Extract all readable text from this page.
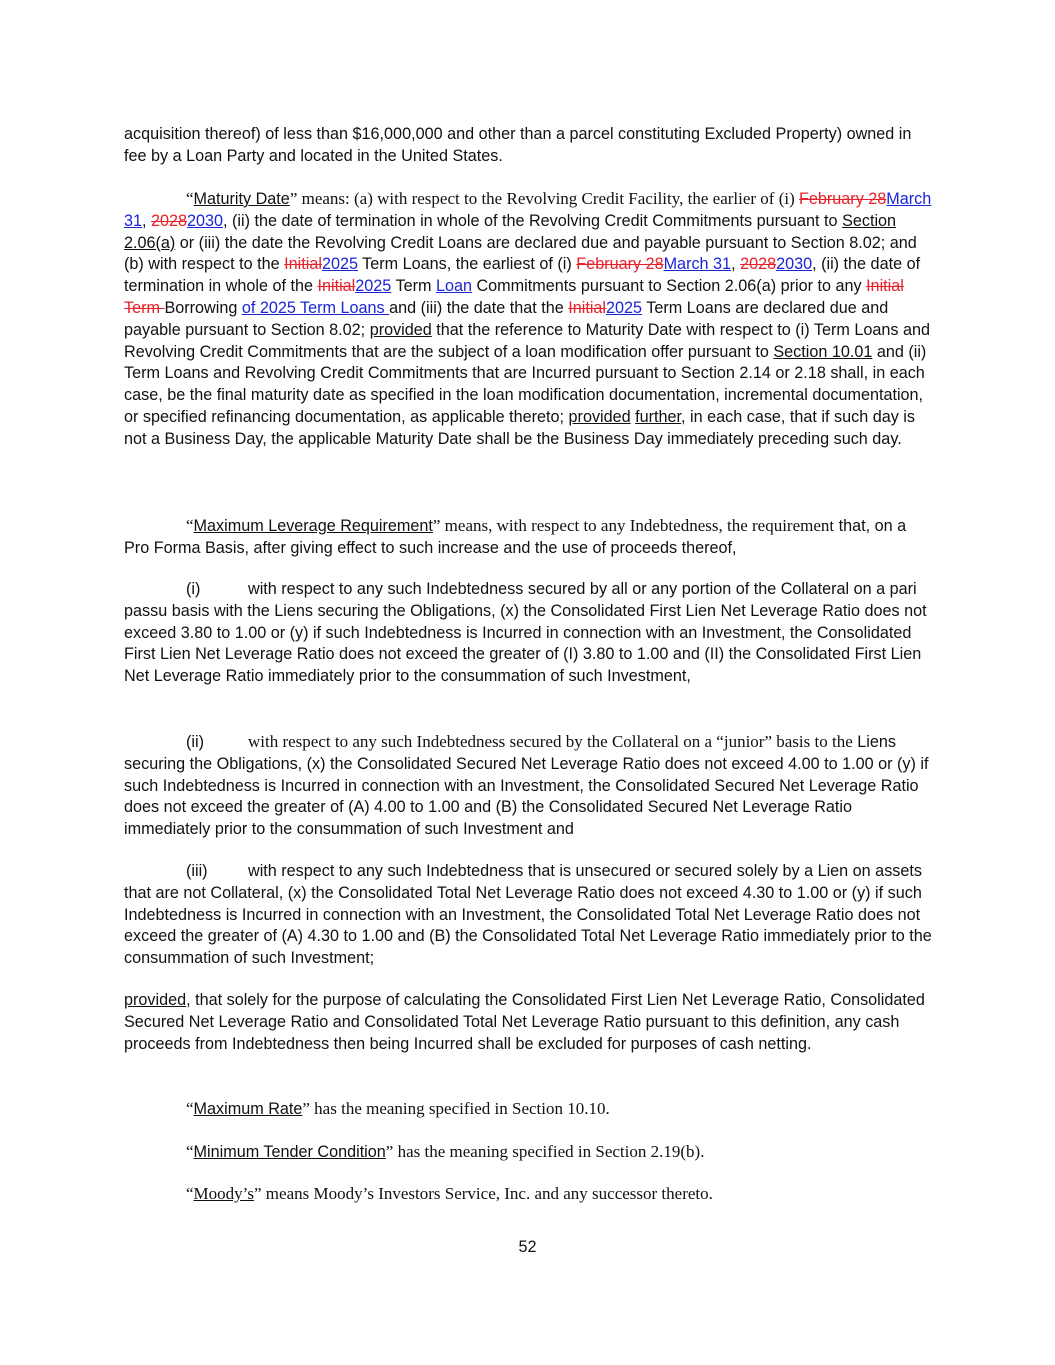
acquisition thereof) of less than $16,000,000 and other than a parcel constituting Excluded Property) owned in fee by a Loan Party and located in the United States.

“Maturity Date” means: (a) with respect to the Revolving Credit Facility, the earlier of (i) February 28March 31, 20282030, (ii) the date of termination in whole of the Revolving Credit Commitments pursuant to Section 2.06(a) or (iii) the date the Revolving Credit Loans are declared due and payable pursuant to Section 8.02; and (b) with respect to the Initial2025 Term Loans, the earliest of (i) February 28March 31, 20282030, (ii) the date of termination in whole of the Initial2025 Term Loan Commitments pursuant to Section 2.06(a) prior to any Initial Term Borrowing of 2025 Term Loans and (iii) the date that the Initial2025 Term Loans are declared due and payable pursuant to Section 8.02; provided that the reference to Maturity Date with respect to (i) Term Loans and Revolving Credit Commitments that are the subject of a loan modification offer pursuant to Section 10.01 and (ii) Term Loans and Revolving Credit Commitments that are Incurred pursuant to Section 2.14 or 2.18 shall, in each case, be the final maturity date as specified in the loan modification documentation, incremental documentation, or specified refinancing documentation, as applicable thereto; provided further, in each case, that if such day is not a Business Day, the applicable Maturity Date shall be the Business Day immediately preceding such day.

“Maximum Leverage Requirement” means, with respect to any Indebtedness, the requirement that, on a Pro Forma Basis, after giving effect to such increase and the use of proceeds thereof,

(i)	with respect to any such Indebtedness secured by all or any portion of the Collateral on a pari passu basis with the Liens securing the Obligations, (x) the Consolidated First Lien Net Leverage Ratio does not exceed 3.80 to 1.00 or (y) if such Indebtedness is Incurred in connection with an Investment, the Consolidated First Lien Net Leverage Ratio does not exceed the greater of (I) 3.80 to 1.00 and (II) the Consolidated First Lien Net Leverage Ratio immediately prior to the consummation of such Investment,

(ii)	with respect to any such Indebtedness secured by the Collateral on a “junior” basis to the Liens securing the Obligations, (x) the Consolidated Secured Net Leverage Ratio does not exceed 4.00 to 1.00 or (y) if such Indebtedness is Incurred in connection with an Investment, the Consolidated Secured Net Leverage Ratio does not exceed the greater of (A) 4.00 to 1.00 and (B) the Consolidated Secured Net Leverage Ratio immediately prior to the consummation of such Investment and

(iii) with respect to any such Indebtedness that is unsecured or secured solely by a Lien on assets that are not Collateral, (x) the Consolidated Total Net Leverage Ratio does not exceed 4.30 to 1.00 or (y) if such Indebtedness is Incurred in connection with an Investment, the Consolidated Total Net Leverage Ratio does not exceed the greater of (A) 4.30 to 1.00 and (B) the Consolidated Total Net Leverage Ratio immediately prior to the consummation of such Investment;

provided, that solely for the purpose of calculating the Consolidated First Lien Net Leverage Ratio, Consolidated Secured Net Leverage Ratio and Consolidated Total Net Leverage Ratio pursuant to this definition, any cash proceeds from Indebtedness then being Incurred shall be excluded for purposes of cash netting.

“Maximum Rate” has the meaning specified in Section 10.10.

“Minimum Tender Condition” has the meaning specified in Section 2.19(b).

“Moody’s” means Moody’s Investors Service, Inc. and any successor thereto.

52
